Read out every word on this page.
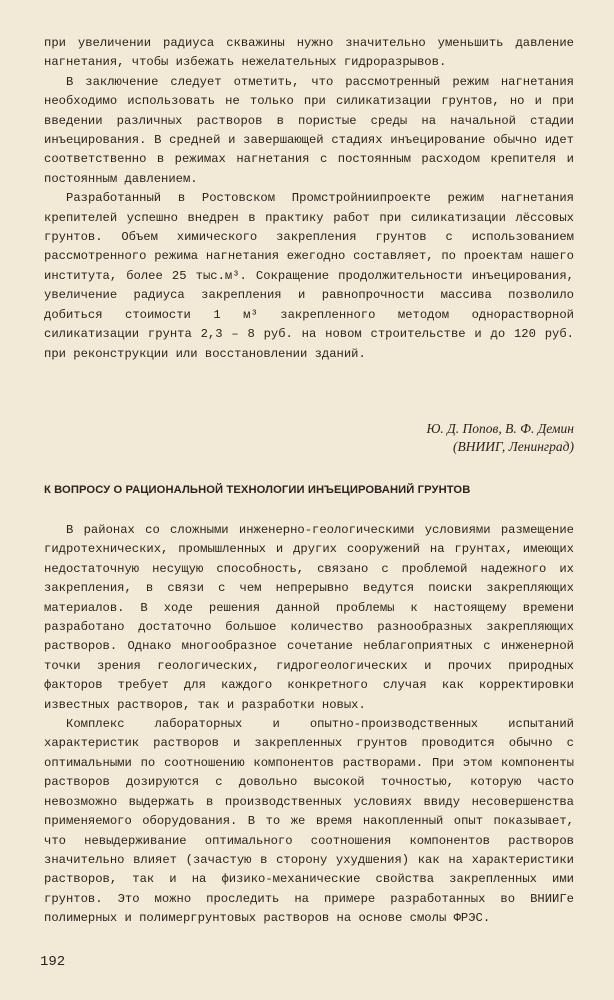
при увеличении радиуса скважины нужно значительно уменьшить давление нагнетания, чтобы избежать нежелательных гидроразрывов.

В заключение следует отметить, что рассмотренный режим нагнетания необходимо использовать не только при силикатизации грунтов, но и при введении различных растворов в пористые среды на начальной стадии инъецирования. В средней и завершающей стадиях инъецирование обычно идет соответственно в режимах нагнетания с постоянным расходом крепителя и постоянным давлением.

Разработанный в Ростовском Промстройниипроекте режим нагнетания крепителей успешно внедрен в практику работ при силикатизации лёссовых грунтов. Объем химического закрепления грунтов с использованием рассмотренного режима нагнетания ежегодно составляет, по проектам нашего института, более 25 тыс.м³. Сокращение продолжительности инъецирования, увеличение радиуса закрепления и равнопрочности массива позволило добиться стоимости 1 м³ закрепленного методом однорастворной силикатизации грунта 2,3 – 8 руб. на новом строительстве и до 120 руб. при реконструкции или восстановлении зданий.

Ю. Д. Попов, В. Ф. Демин
(ВНИИГ, Ленинград)
К ВОПРОСУ О РАЦИОНАЛЬНОЙ ТЕХНОЛОГИИ ИНЪЕЦИРОВАНИЙ ГРУНТОВ

В районах со сложными инженерно-геологическими условиями размещение гидротехнических, промышленных и других сооружений на грунтах, имеющих недостаточную несущую способность, связано с проблемой надежного их закрепления, в связи с чем непрерывно ведутся поиски закрепляющих материалов. В ходе решения данной проблемы к настоящему времени разработано достаточно большое количество разнообразных закрепляющих растворов. Однако многообразное сочетание неблагоприятных с инженерной точки зрения геологических, гидрогеологических и прочих природных факторов требует для каждого конкретного случая как корректировки известных растворов, так и разработки новых.

Комплекс лабораторных и опытно-производственных испытаний характеристик растворов и закрепленных грунтов проводится обычно с оптимальными по соотношению компонентов растворами. При этом компоненты растворов дозируются с довольно высокой точностью, которую часто невозможно выдержать в производственных условиях ввиду несовершенства применяемого оборудования. В то же время накопленный опыт показывает, что невыдерживание оптимального соотношения компонентов растворов значительно влияет (зачастую в сторону ухудшения) как на характеристики растворов, так и на физико-механические свойства закрепленных ими грунтов. Это можно проследить на примере разработанных во ВНИИГе полимерных и полимергрунтовых растворов на основе смолы ФРЭС.

192
